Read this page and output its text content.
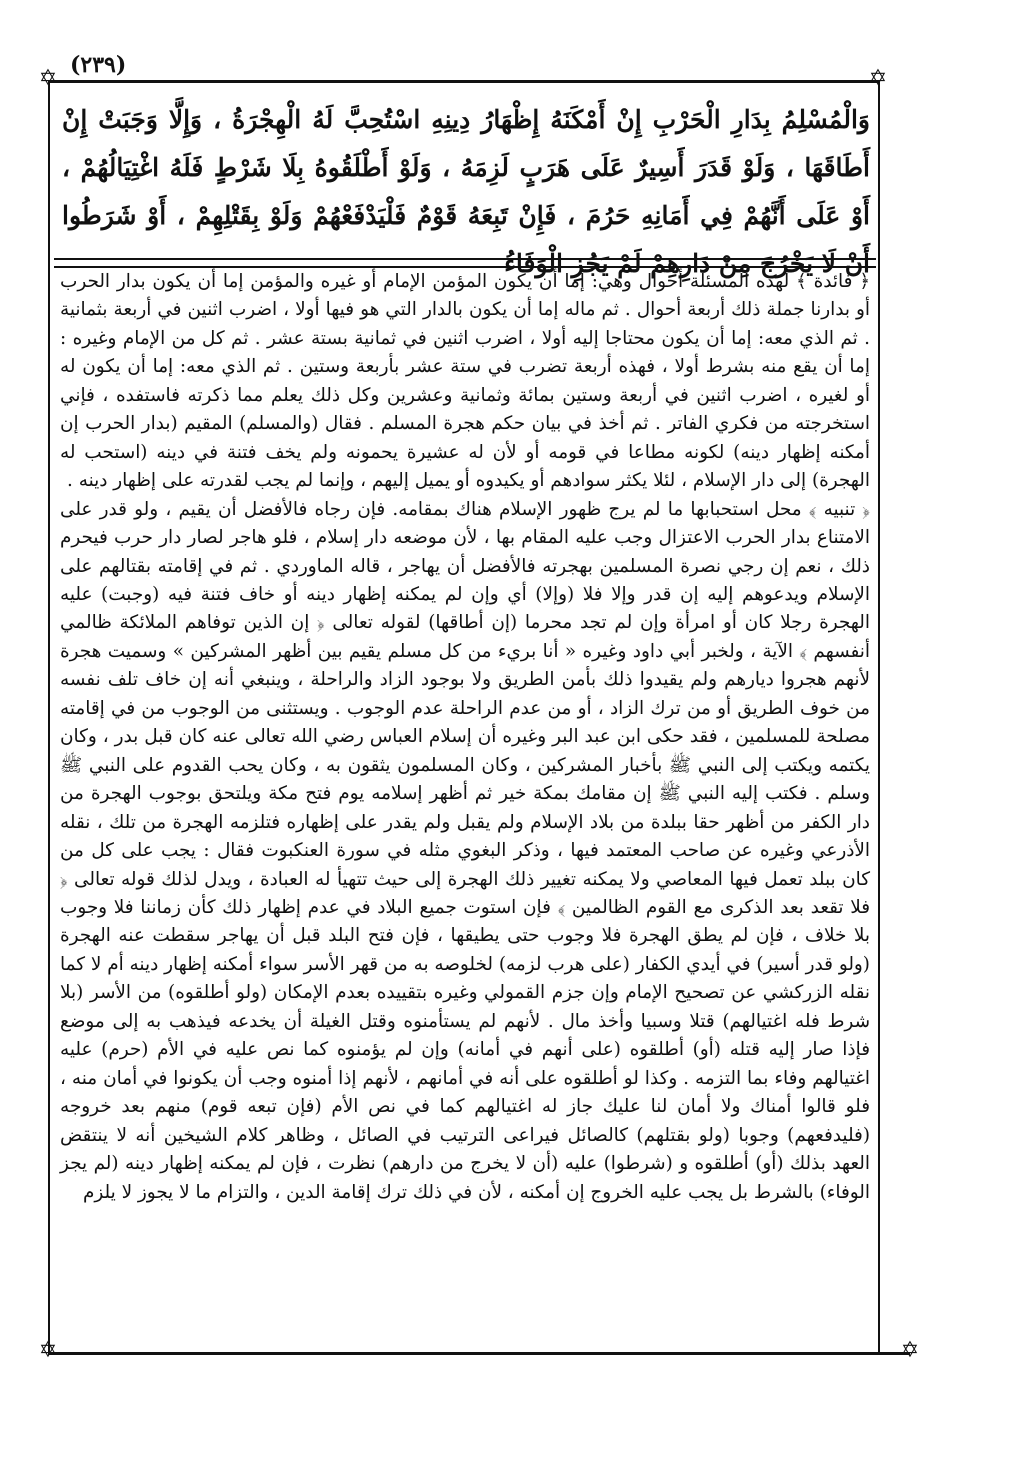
(٢٣٩)
✡	✡
✡	✡
وَالْمُسْلِمُ بِدَارِ الْحَرْبِ إِنْ أَمْكَنَهُ إِظْهَارُ دِينِهِ اسْتُحِبَّ لَهُ الْهِجْرَةُ ، وَإِلَّا وَجَبَتْ إِنْ أَطَاقَهَا ، وَلَوْ قَدَرَ أَسِيرٌ عَلَى هَرَبٍ لَزِمَهُ ، وَلَوْ أَطْلَقُوهُ بِلَا شَرْطٍ فَلَهُ اغْتِيَالُهُمْ ، أَوْ عَلَى أَنَّهُمْ فِي أَمَانِهِ حَرُمَ ، فَإِنْ تَبِعَهُ قَوْمٌ فَلْيَدْفَعْهُمْ وَلَوْ بِقَتْلِهِمْ ، أَوْ شَرَطُوا أَنْ لَا يَخْرُجَ مِنْ دَارِهِمْ لَمْ يَجُزِ الْوَفَاءُ

﴿ فائدة ﴾ لهذه المسئلة أحوال وهي: إما أن يكون المؤمن الإمام أو غيره والمؤمن إما أن يكون بدار الحرب أو بدارنا جملة ذلك أربعة أحوال . ثم ماله إما أن يكون بالدار التي هو فيها أولا ، اضرب اثنين في أربعة بثمانية . ثم الذي معه: إما أن يكون محتاجا إليه أولا ، اضرب اثنين في ثمانية بستة عشر . ثم كل من الإمام وغيره : إما أن يقع منه بشرط أولا ، فهذه أربعة تضرب في ستة عشر بأربعة وستين . ثم الذي معه: إما أن يكون له أو لغيره ، اضرب اثنين في أربعة وستين بمائة وثمانية وعشرين وكل ذلك يعلم مما ذكرته فاستفده ، فإني استخرجته من فكري الفاتر . ثم أخذ في بيان حكم هجرة المسلم . فقال (والمسلم) المقيم (بدار الحرب إن أمكنه إظهار دينه) لكونه مطاعا في قومه أو لأن له عشيرة يحمونه ولم يخف فتنة في دينه (استحب له الهجرة) إلى دار الإسلام ، لئلا يكثر سوادهم أو يكيدوه أو يميل إليهم ، وإنما لم يجب لقدرته على إظهار دينه .

﴿ تنبيه ﴾ محل استحبابها ما لم يرج ظهور الإسلام هناك بمقامه. فإن رجاه فالأفضل أن يقيم ، ولو قدر على الامتناع بدار الحرب الاعتزال وجب عليه المقام بها ، لأن موضعه دار إسلام ، فلو هاجر لصار دار حرب فيحرم ذلك ، نعم إن رجي نصرة المسلمين بهجرته فالأفضل أن يهاجر ، قاله الماوردي . ثم في إقامته بقتالهم على الإسلام ويدعوهم إليه إن قدر وإلا فلا (وإلا) أي وإن لم يمكنه إظهار دينه أو خاف فتنة فيه (وجبت) عليه الهجرة رجلا كان أو امرأة وإن لم تجد محرما (إن أطاقها) لقوله تعالى ﴿ إن الذين توفاهم الملائكة ظالمي أنفسهم ﴾ الآية ، ولخبر أبي داود وغيره « أنا بريء من كل مسلم يقيم بين أظهر المشركين » وسميت هجرة لأنهم هجروا ديارهم ولم يقيدوا ذلك بأمن الطريق ولا بوجود الزاد والراحلة ، وينبغي أنه إن خاف تلف نفسه من خوف الطريق أو من ترك الزاد ، أو من عدم الراحلة عدم الوجوب . ويستثنى من الوجوب من في إقامته مصلحة للمسلمين ، فقد حكى ابن عبد البر وغيره أن إسلام العباس رضي الله تعالى عنه كان قبل بدر ، وكان يكتمه ويكتب إلى النبي ﷺ بأخبار المشركين ، وكان المسلمون يثقون به ، وكان يحب القدوم على النبي ﷺ وسلم . فكتب إليه النبي ﷺ إن مقامك بمكة خير ثم أظهر إسلامه يوم فتح مكة ويلتحق بوجوب الهجرة من دار الكفر من أظهر حقا ببلدة من بلاد الإسلام ولم يقبل ولم يقدر على إظهاره فتلزمه الهجرة من تلك ، نقله الأذرعي وغيره عن صاحب المعتمد فيها ، وذكر البغوي مثله في سورة العنكبوت فقال : يجب على كل من كان ببلد تعمل فيها المعاصي ولا يمكنه تغيير ذلك الهجرة إلى حيث تتهيأ له العبادة ، ويدل لذلك قوله تعالى ﴿ فلا تقعد بعد الذكرى مع القوم الظالمين ﴾ فإن استوت جميع البلاد في عدم إظهار ذلك كأن زماننا فلا وجوب بلا خلاف ، فإن لم يطق الهجرة فلا وجوب حتى يطيقها ، فإن فتح البلد قبل أن يهاجر سقطت عنه الهجرة (ولو قدر أسير) في أيدي الكفار (على هرب لزمه) لخلوصه به من قهر الأسر سواء أمكنه إظهار دينه أم لا كما نقله الزركشي عن تصحيح الإمام وإن جزم القمولي وغيره بتقييده بعدم الإمكان (ولو أطلقوه) من الأسر (بلا شرط فله اغتيالهم) قتلا وسبيا وأخذ مال . لأنهم لم يستأمنوه وقتل الغيلة أن يخدعه فيذهب به إلى موضع فإذا صار إليه قتله (أو) أطلقوه (على أنهم في أمانه) وإن لم يؤمنوه كما نص عليه في الأم (حرم) عليه اغتيالهم وفاء بما التزمه . وكذا لو أطلقوه على أنه في أمانهم ، لأنهم إذا أمنوه وجب أن يكونوا في أمان منه ، فلو قالوا أمناك ولا أمان لنا عليك جاز له اغتيالهم كما في نص الأم (فإن تبعه قوم) منهم بعد خروجه (فليدفعهم) وجوبا (ولو بقتلهم) كالصائل فيراعى الترتيب في الصائل ، وظاهر كلام الشيخين أنه لا ينتقض العهد بذلك (أو) أطلقوه و (شرطوا) عليه (أن لا يخرج من دارهم) نظرت ، فإن لم يمكنه إظهار دينه (لم يجز الوفاء) بالشرط بل يجب عليه الخروج إن أمكنه ، لأن في ذلك ترك إقامة الدين ، والتزام ما لا يجوز لا يلزم
